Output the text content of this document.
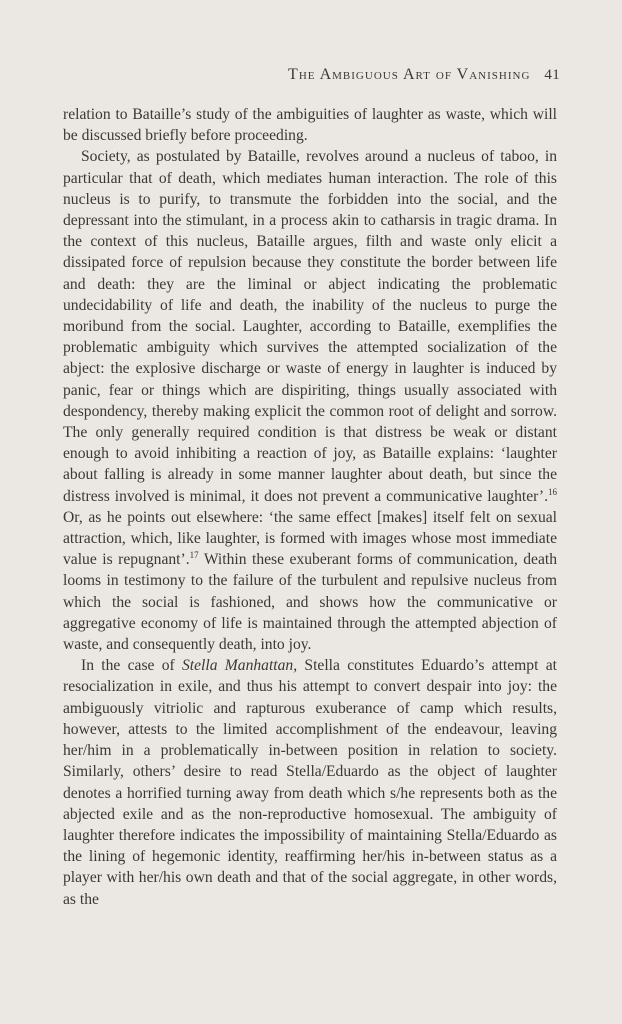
The Ambiguous Art of Vanishing 41

relation to Bataille’s study of the ambiguities of laughter as waste, which will be discussed briefly before proceeding.

Society, as postulated by Bataille, revolves around a nucleus of taboo, in particular that of death, which mediates human interaction. The role of this nucleus is to purify, to transmute the forbidden into the social, and the depressant into the stimulant, in a process akin to catharsis in tragic drama. In the context of this nucleus, Bataille argues, filth and waste only elicit a dissipated force of repulsion because they constitute the border between life and death: they are the liminal or abject indicating the problematic undecidability of life and death, the inability of the nucleus to purge the moribund from the social. Laughter, according to Bataille, exemplifies the problematic ambiguity which survives the attempted socialization of the abject: the explosive discharge or waste of energy in laughter is induced by panic, fear or things which are dispiriting, things usually associated with despondency, thereby making explicit the common root of delight and sorrow. The only generally required condition is that distress be weak or distant enough to avoid inhibiting a reaction of joy, as Bataille explains: ‘laughter about falling is already in some manner laughter about death, but since the distress involved is minimal, it does not prevent a communicative laughter’.$^{16}$ Or, as he points out elsewhere: ‘the same effect [makes] itself felt on sexual attraction, which, like laughter, is formed with images whose most immediate value is repugnant’.$^{17}$ Within these exuberant forms of communication, death looms in testimony to the failure of the turbulent and repulsive nucleus from which the social is fashioned, and shows how the communicative or aggregative economy of life is maintained through the attempted abjection of waste, and consequently death, into joy.

In the case of Stella Manhattan, Stella constitutes Eduardo’s attempt at resocialization in exile, and thus his attempt to convert despair into joy: the ambiguously vitriolic and rapturous exuberance of camp which results, however, attests to the limited accomplishment of the endeavour, leaving her/him in a problematically in-between position in relation to society. Similarly, others’ desire to read Stella/Eduardo as the object of laughter denotes a horrified turning away from death which s/he represents both as the abjected exile and as the non-reproductive homosexual. The ambiguity of laughter therefore indicates the impossibility of maintaining Stella/Eduardo as the lining of hegemonic identity, reaffirming her/his in-between status as a player with her/his own death and that of the social aggregate, in other words, as the
